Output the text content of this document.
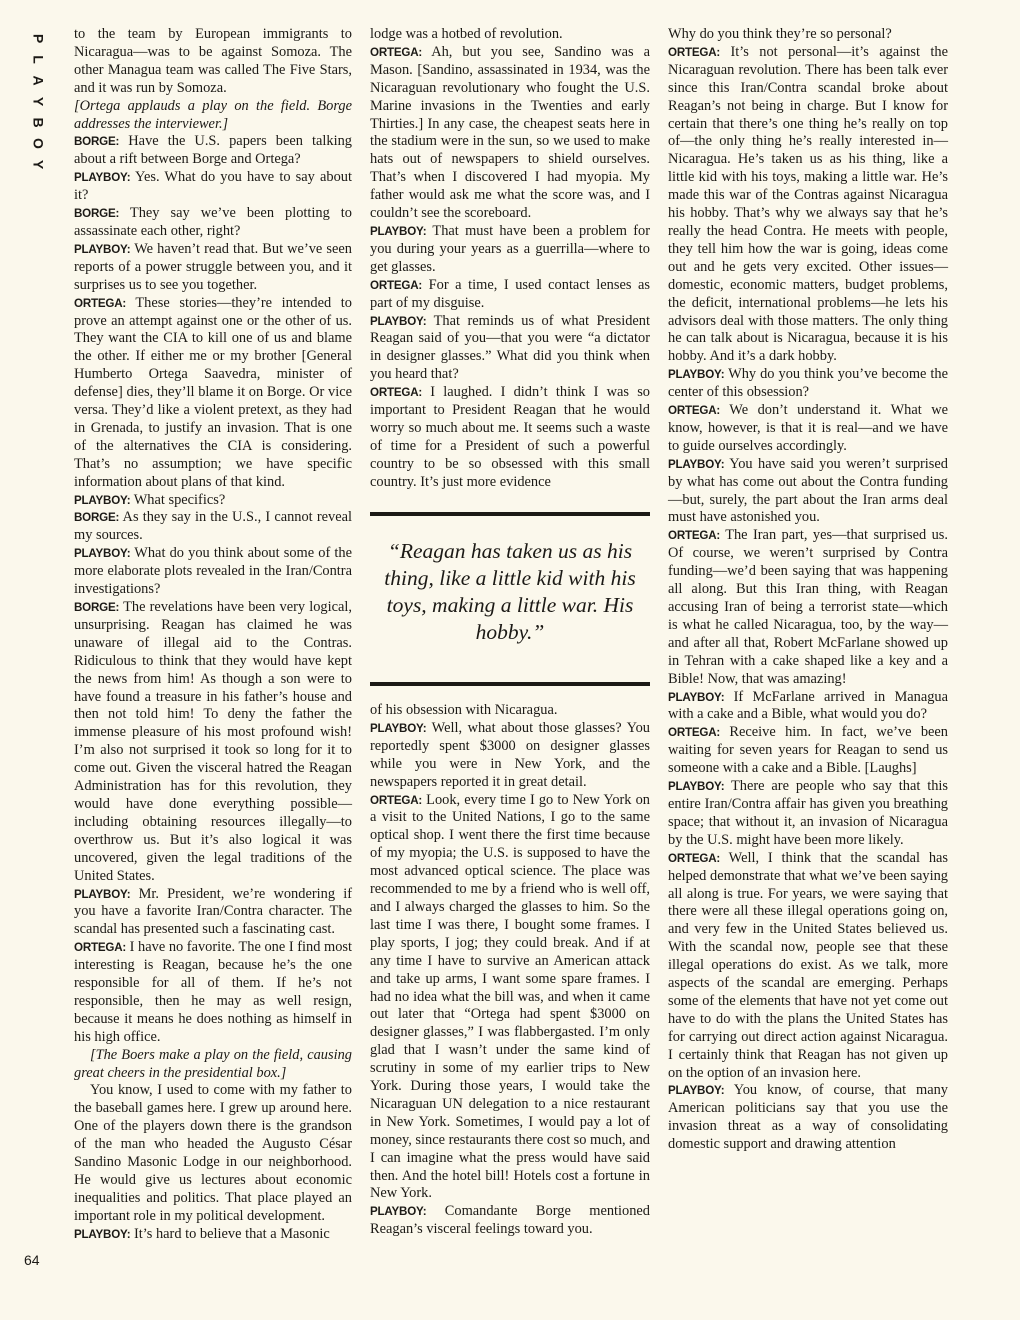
P
L
A
Y
B
O
Y

to the team by European immigrants to Nicaragua—was to be against Somoza. The other Managua team was called The Five Stars, and it was run by Somoza.

[Ortega applauds a play on the field. Borge addresses the interviewer.]

BORGE: Have the U.S. papers been talking about a rift between Borge and Ortega?

PLAYBOY: Yes. What do you have to say about it?

BORGE: They say we’ve been plotting to assassinate each other, right?

PLAYBOY: We haven’t read that. But we’ve seen reports of a power struggle between you, and it surprises us to see you together.

ORTEGA: These stories—they’re intended to prove an attempt against one or the other of us. They want the CIA to kill one of us and blame the other. If either me or my brother [General Humberto Ortega Saavedra, minister of defense] dies, they’ll blame it on Borge. Or vice versa. They’d like a violent pretext, as they had in Grenada, to justify an invasion. That is one of the alternatives the CIA is considering. That’s no assumption; we have specific information about plans of that kind.

PLAYBOY: What specifics?

BORGE: As they say in the U.S., I cannot reveal my sources.

PLAYBOY: What do you think about some of the more elaborate plots revealed in the Iran/Contra investigations?

BORGE: The revelations have been very logical, unsurprising. Reagan has claimed he was unaware of illegal aid to the Contras. Ridiculous to think that they would have kept the news from him! As though a son were to have found a treasure in his father’s house and then not told him! To deny the father the immense pleasure of his most profound wish! I’m also not surprised it took so long for it to come out. Given the visceral hatred the Reagan Administration has for this revolution, they would have done everything possible—including obtaining resources illegally—to overthrow us. But it’s also logical it was uncovered, given the legal traditions of the United States.

PLAYBOY: Mr. President, we’re wondering if you have a favorite Iran/Contra character. The scandal has presented such a fascinating cast.

ORTEGA: I have no favorite. The one I find most interesting is Reagan, because he’s the one responsible for all of them. If he’s not responsible, then he may as well resign, because it means he does nothing as himself in his high office.

[The Boers make a play on the field, causing great cheers in the presidential box.]

You know, I used to come with my father to the baseball games here. I grew up around here. One of the players down there is the grandson of the man who headed the Augusto César Sandino Masonic Lodge in our neighborhood. He would give us lectures about economic inequalities and politics. That place played an important role in my political development.

PLAYBOY: It’s hard to believe that a Masonic

lodge was a hotbed of revolution.

ORTEGA: Ah, but you see, Sandino was a Mason. [Sandino, assassinated in 1934, was the Nicaraguan revolutionary who fought the U.S. Marine invasions in the Twenties and early Thirties.] In any case, the cheapest seats here in the stadium were in the sun, so we used to make hats out of newspapers to shield ourselves. That’s when I discovered I had myopia. My father would ask me what the score was, and I couldn’t see the scoreboard.

PLAYBOY: That must have been a problem for you during your years as a guerrilla—where to get glasses.

ORTEGA: For a time, I used contact lenses as part of my disguise.

PLAYBOY: That reminds us of what President Reagan said of you—that you were “a dictator in designer glasses.” What did you think when you heard that?

ORTEGA: I laughed. I didn’t think I was so important to President Reagan that he would worry so much about me. It seems such a waste of time for a President of such a powerful country to be so obsessed with this small country. It’s just more evidence

“Reagan has taken us as his thing, like a little kid with his toys, making a little war. His hobby.”

of his obsession with Nicaragua.

PLAYBOY: Well, what about those glasses? You reportedly spent $3000 on designer glasses while you were in New York, and the newspapers reported it in great detail.

ORTEGA: Look, every time I go to New York on a visit to the United Nations, I go to the same optical shop. I went there the first time because of my myopia; the U.S. is supposed to have the most advanced optical science. The place was recommended to me by a friend who is well off, and I always charged the glasses to him. So the last time I was there, I bought some frames. I play sports, I jog; they could break. And if at any time I have to survive an American attack and take up arms, I want some spare frames. I had no idea what the bill was, and when it came out later that “Ortega had spent $3000 on designer glasses,” I was flabbergasted. I’m only glad that I wasn’t under the same kind of scrutiny in some of my earlier trips to New York. During those years, I would take the Nicaraguan UN delegation to a nice restaurant in New York. Sometimes, I would pay a lot of money, since restaurants there cost so much, and I can imagine what the press would have said then. And the hotel bill! Hotels cost a fortune in New York.

PLAYBOY: Comandante Borge mentioned Reagan’s visceral feelings toward you.

Why do you think they’re so personal?

ORTEGA: It’s not personal—it’s against the Nicaraguan revolution. There has been talk ever since this Iran/Contra scandal broke about Reagan’s not being in charge. But I know for certain that there’s one thing he’s really on top of—the only thing he’s really interested in—Nicaragua. He’s taken us as his thing, like a little kid with his toys, making a little war. He’s made this war of the Contras against Nicaragua his hobby. That’s why we always say that he’s really the head Contra. He meets with people, they tell him how the war is going, ideas come out and he gets very excited. Other issues—domestic, economic matters, budget problems, the deficit, international problems—he lets his advisors deal with those matters. The only thing he can talk about is Nicaragua, because it is his hobby. And it’s a dark hobby.

PLAYBOY: Why do you think you’ve become the center of this obsession?

ORTEGA: We don’t understand it. What we know, however, is that it is real—and we have to guide ourselves accordingly.

PLAYBOY: You have said you weren’t surprised by what has come out about the Contra funding—but, surely, the part about the Iran arms deal must have astonished you.

ORTEGA: The Iran part, yes—that surprised us. Of course, we weren’t surprised by Contra funding—we’d been saying that was happening all along. But this Iran thing, with Reagan accusing Iran of being a terrorist state—which is what he called Nicaragua, too, by the way—and after all that, Robert McFarlane showed up in Tehran with a cake shaped like a key and a Bible! Now, that was amazing!

PLAYBOY: If McFarlane arrived in Managua with a cake and a Bible, what would you do?

ORTEGA: Receive him. In fact, we’ve been waiting for seven years for Reagan to send us someone with a cake and a Bible. [Laughs]

PLAYBOY: There are people who say that this entire Iran/Contra affair has given you breathing space; that without it, an invasion of Nicaragua by the U.S. might have been more likely.

ORTEGA: Well, I think that the scandal has helped demonstrate that what we’ve been saying all along is true. For years, we were saying that there were all these illegal operations going on, and very few in the United States believed us. With the scandal now, people see that these illegal operations do exist. As we talk, more aspects of the scandal are emerging. Perhaps some of the elements that have not yet come out have to do with the plans the United States has for carrying out direct action against Nicaragua. I certainly think that Reagan has not given up on the option of an invasion here.

PLAYBOY: You know, of course, that many American politicians say that you use the invasion threat as a way of consolidating domestic support and drawing attention

64
